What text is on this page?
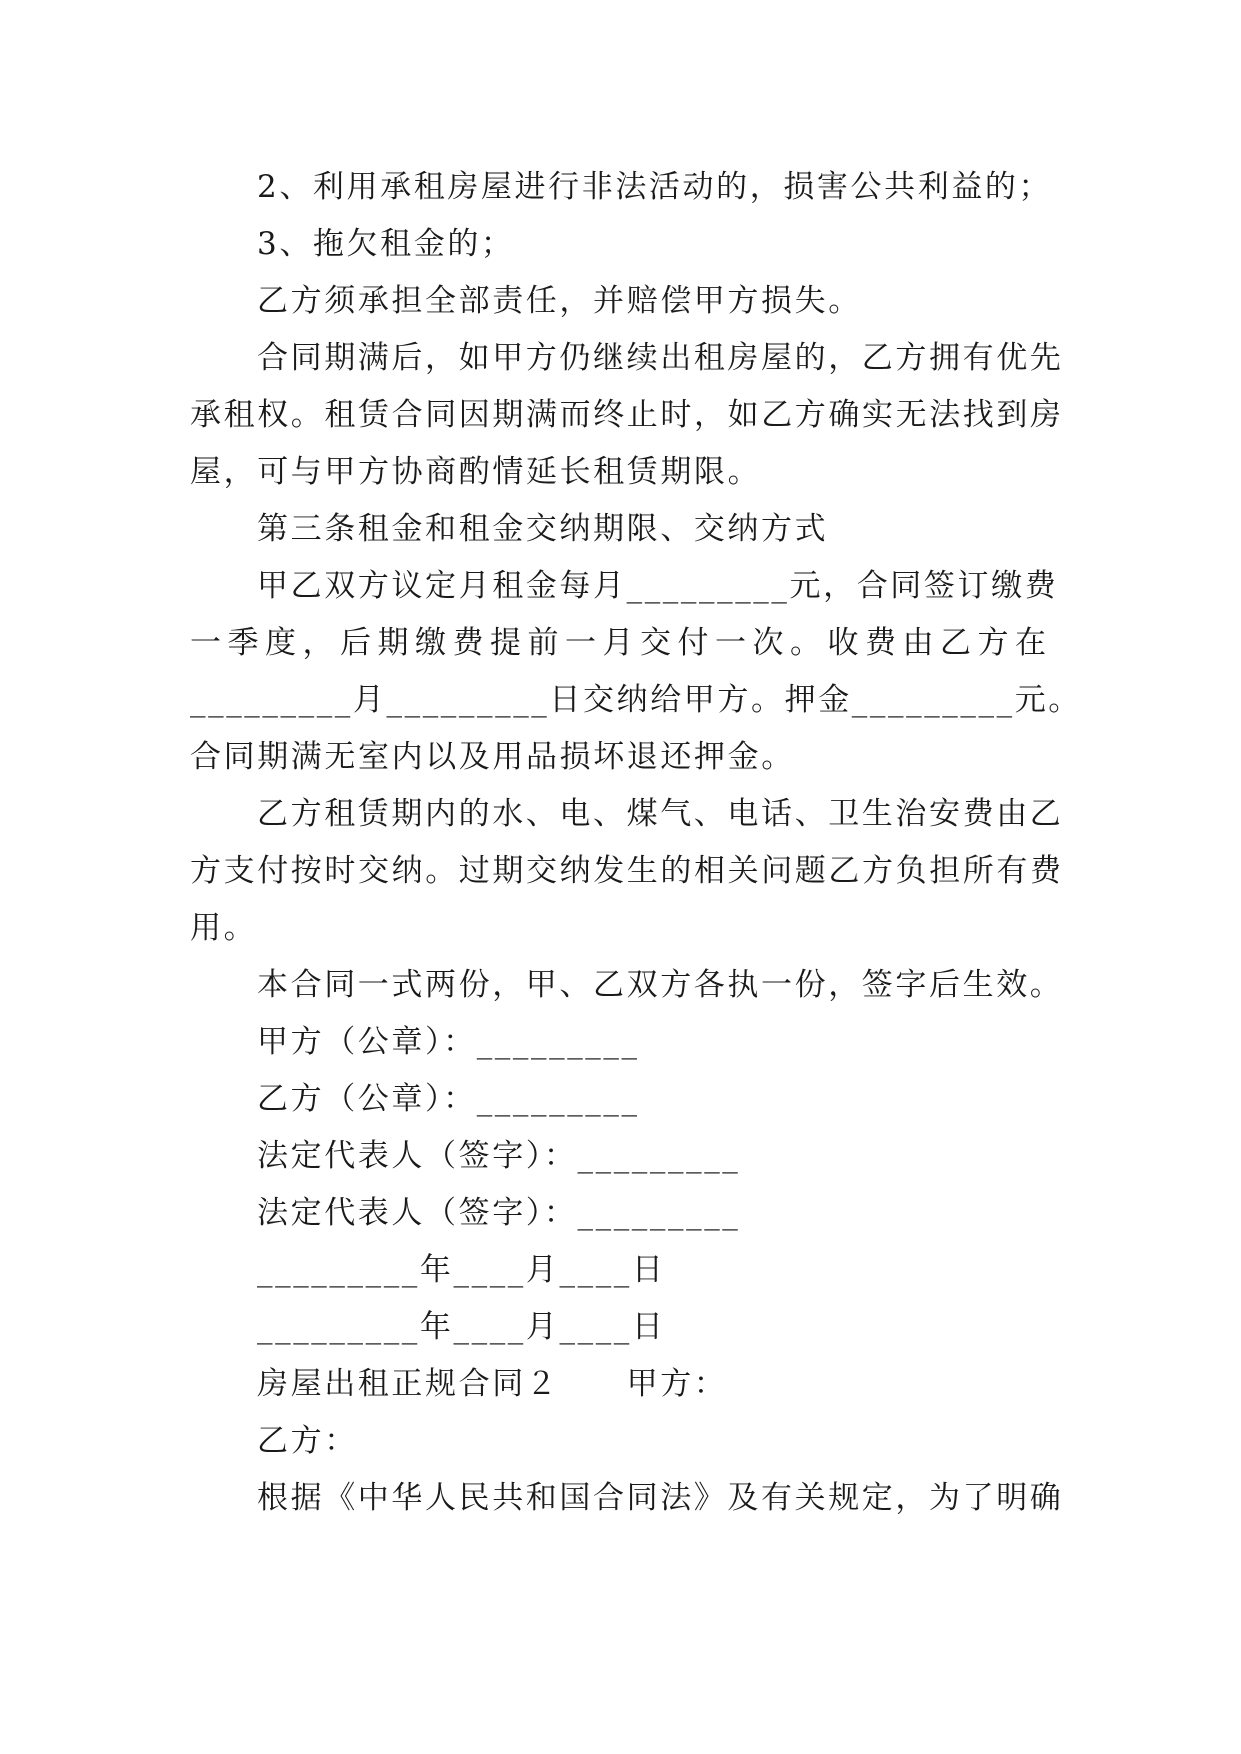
2、利用承租房屋进行非法活动的，损害公共利益的；
3、拖欠租金的；
乙方须承担全部责任，并赔偿甲方损失。
合同期满后，如甲方仍继续出租房屋的，乙方拥有优先
承租权。租赁合同因期满而终止时，如乙方确实无法找到房
屋，可与甲方协商酌情延长租赁期限。
第三条租金和租金交纳期限、交纳方式
甲乙双方议定月租金每月_________元，合同签订缴费
一 季 度 ， 后 期 缴 费 提 前 一 月 交 付 一 次 。 收 费 由 乙 方 在
_________月_________日交纳给甲方。押金_________元。
合同期满无室内以及用品损坏退还押金。
乙方租赁期内的水、电、煤气、电话、卫生治安费由乙
方支付按时交纳。过期交纳发生的相关问题乙方负担所有费
用。
本合同一式两份，甲、乙双方各执一份，签字后生效。
甲方（公章）：_________
乙方（公章）：_________
法定代表人（签字）：_________
法定代表人（签字）：_________
_________年____月____日
_________年____月____日
房屋出租正规合同２　　甲方：
乙方：
根据《中华人民共和国合同法》及有关规定，为了明确
